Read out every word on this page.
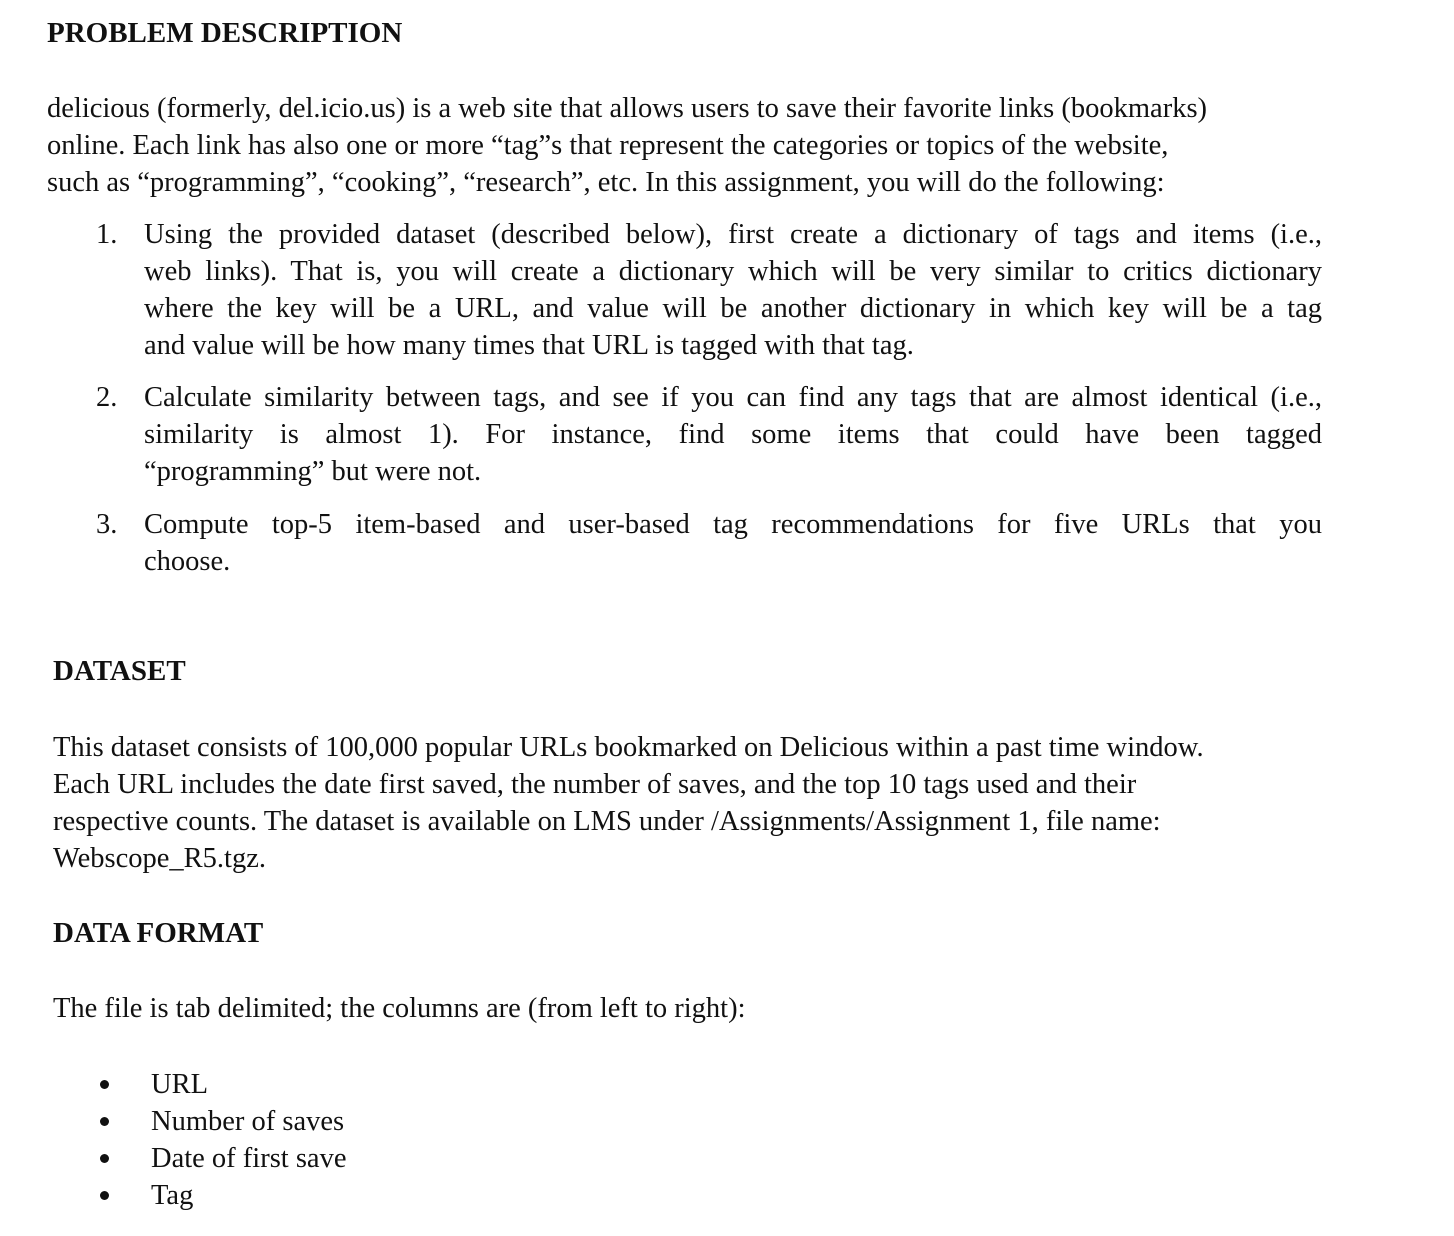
PROBLEM DESCRIPTION
delicious (formerly, del.icio.us) is a web site that allows users to save their favorite links (bookmarks)
online. Each link has also one or more “tag”s that represent the categories or topics of the website,
such as “programming”, “cooking”, “research”, etc. In this assignment, you will do the following:
1. Using the provided dataset (described below), first create a dictionary of tags and items (i.e.,
web links). That is, you will create a dictionary which will be very similar to critics dictionary
where the key will be a URL, and value will be another dictionary in which key will be a tag
and value will be how many times that URL is tagged with that tag.
2. Calculate similarity between tags, and see if you can find any tags that are almost identical (i.e.,
similarity is almost 1). For instance, find some items that could have been tagged
“programming” but were not.
3. Compute top-5 item-based and user-based tag recommendations for five URLs that you
choose.
DATASET
This dataset consists of 100,000 popular URLs bookmarked on Delicious within a past time window.
Each URL includes the date first saved, the number of saves, and the top 10 tags used and their
respective counts. The dataset is available on LMS under /Assignments/Assignment 1, file name:
Webscope_R5.tgz.
DATA FORMAT
The file is tab delimited; the columns are (from left to right):
URL
Number of saves
Date of first save
Tag
